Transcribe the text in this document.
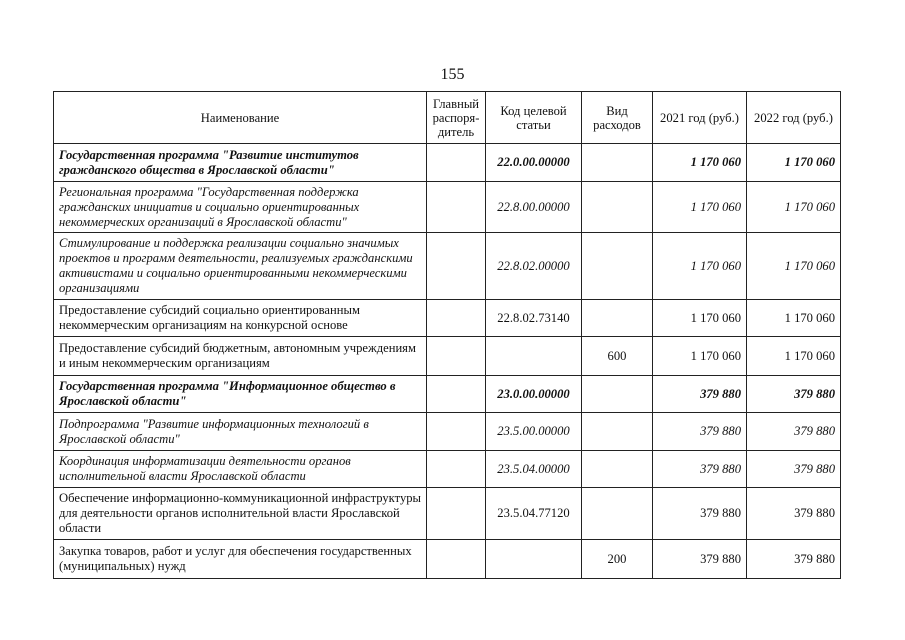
155
Наименование	Главный распоря- дитель	Код целевой статьи	Вид расходов	2021 год (руб.)	2022 год (руб.)
Государственная программа "Развитие институтов гражданского общества в Ярославской области"		22.0.00.00000		1 170 060	1 170 060
Региональная программа "Государственная поддержка гражданских инициатив и социально ориентированных некоммерческих организаций в Ярославской области"		22.8.00.00000		1 170 060	1 170 060
Стимулирование и поддержка реализации социально значимых проектов и программ деятельности, реализуемых гражданскими активистами и социально ориентированными некоммерческими организациями		22.8.02.00000		1 170 060	1 170 060
Предоставление субсидий социально ориентированным некоммерческим организациям на конкурсной основе		22.8.02.73140		1 170 060	1 170 060
Предоставление субсидий бюджетным, автономным учреждениям и иным некоммерческим организациям			600	1 170 060	1 170 060
Государственная программа "Информационное общество в Ярославской области"		23.0.00.00000		379 880	379 880
Подпрограмма "Развитие информационных технологий в Ярославской области"		23.5.00.00000		379 880	379 880
Координация информатизации деятельности органов исполнительной власти Ярославской области		23.5.04.00000		379 880	379 880
Обеспечение информационно-коммуникационной инфраструктуры для деятельности органов исполнительной власти Ярославской области		23.5.04.77120		379 880	379 880
Закупка товаров, работ и услуг для обеспечения государственных (муниципальных) нужд			200	379 880	379 880
